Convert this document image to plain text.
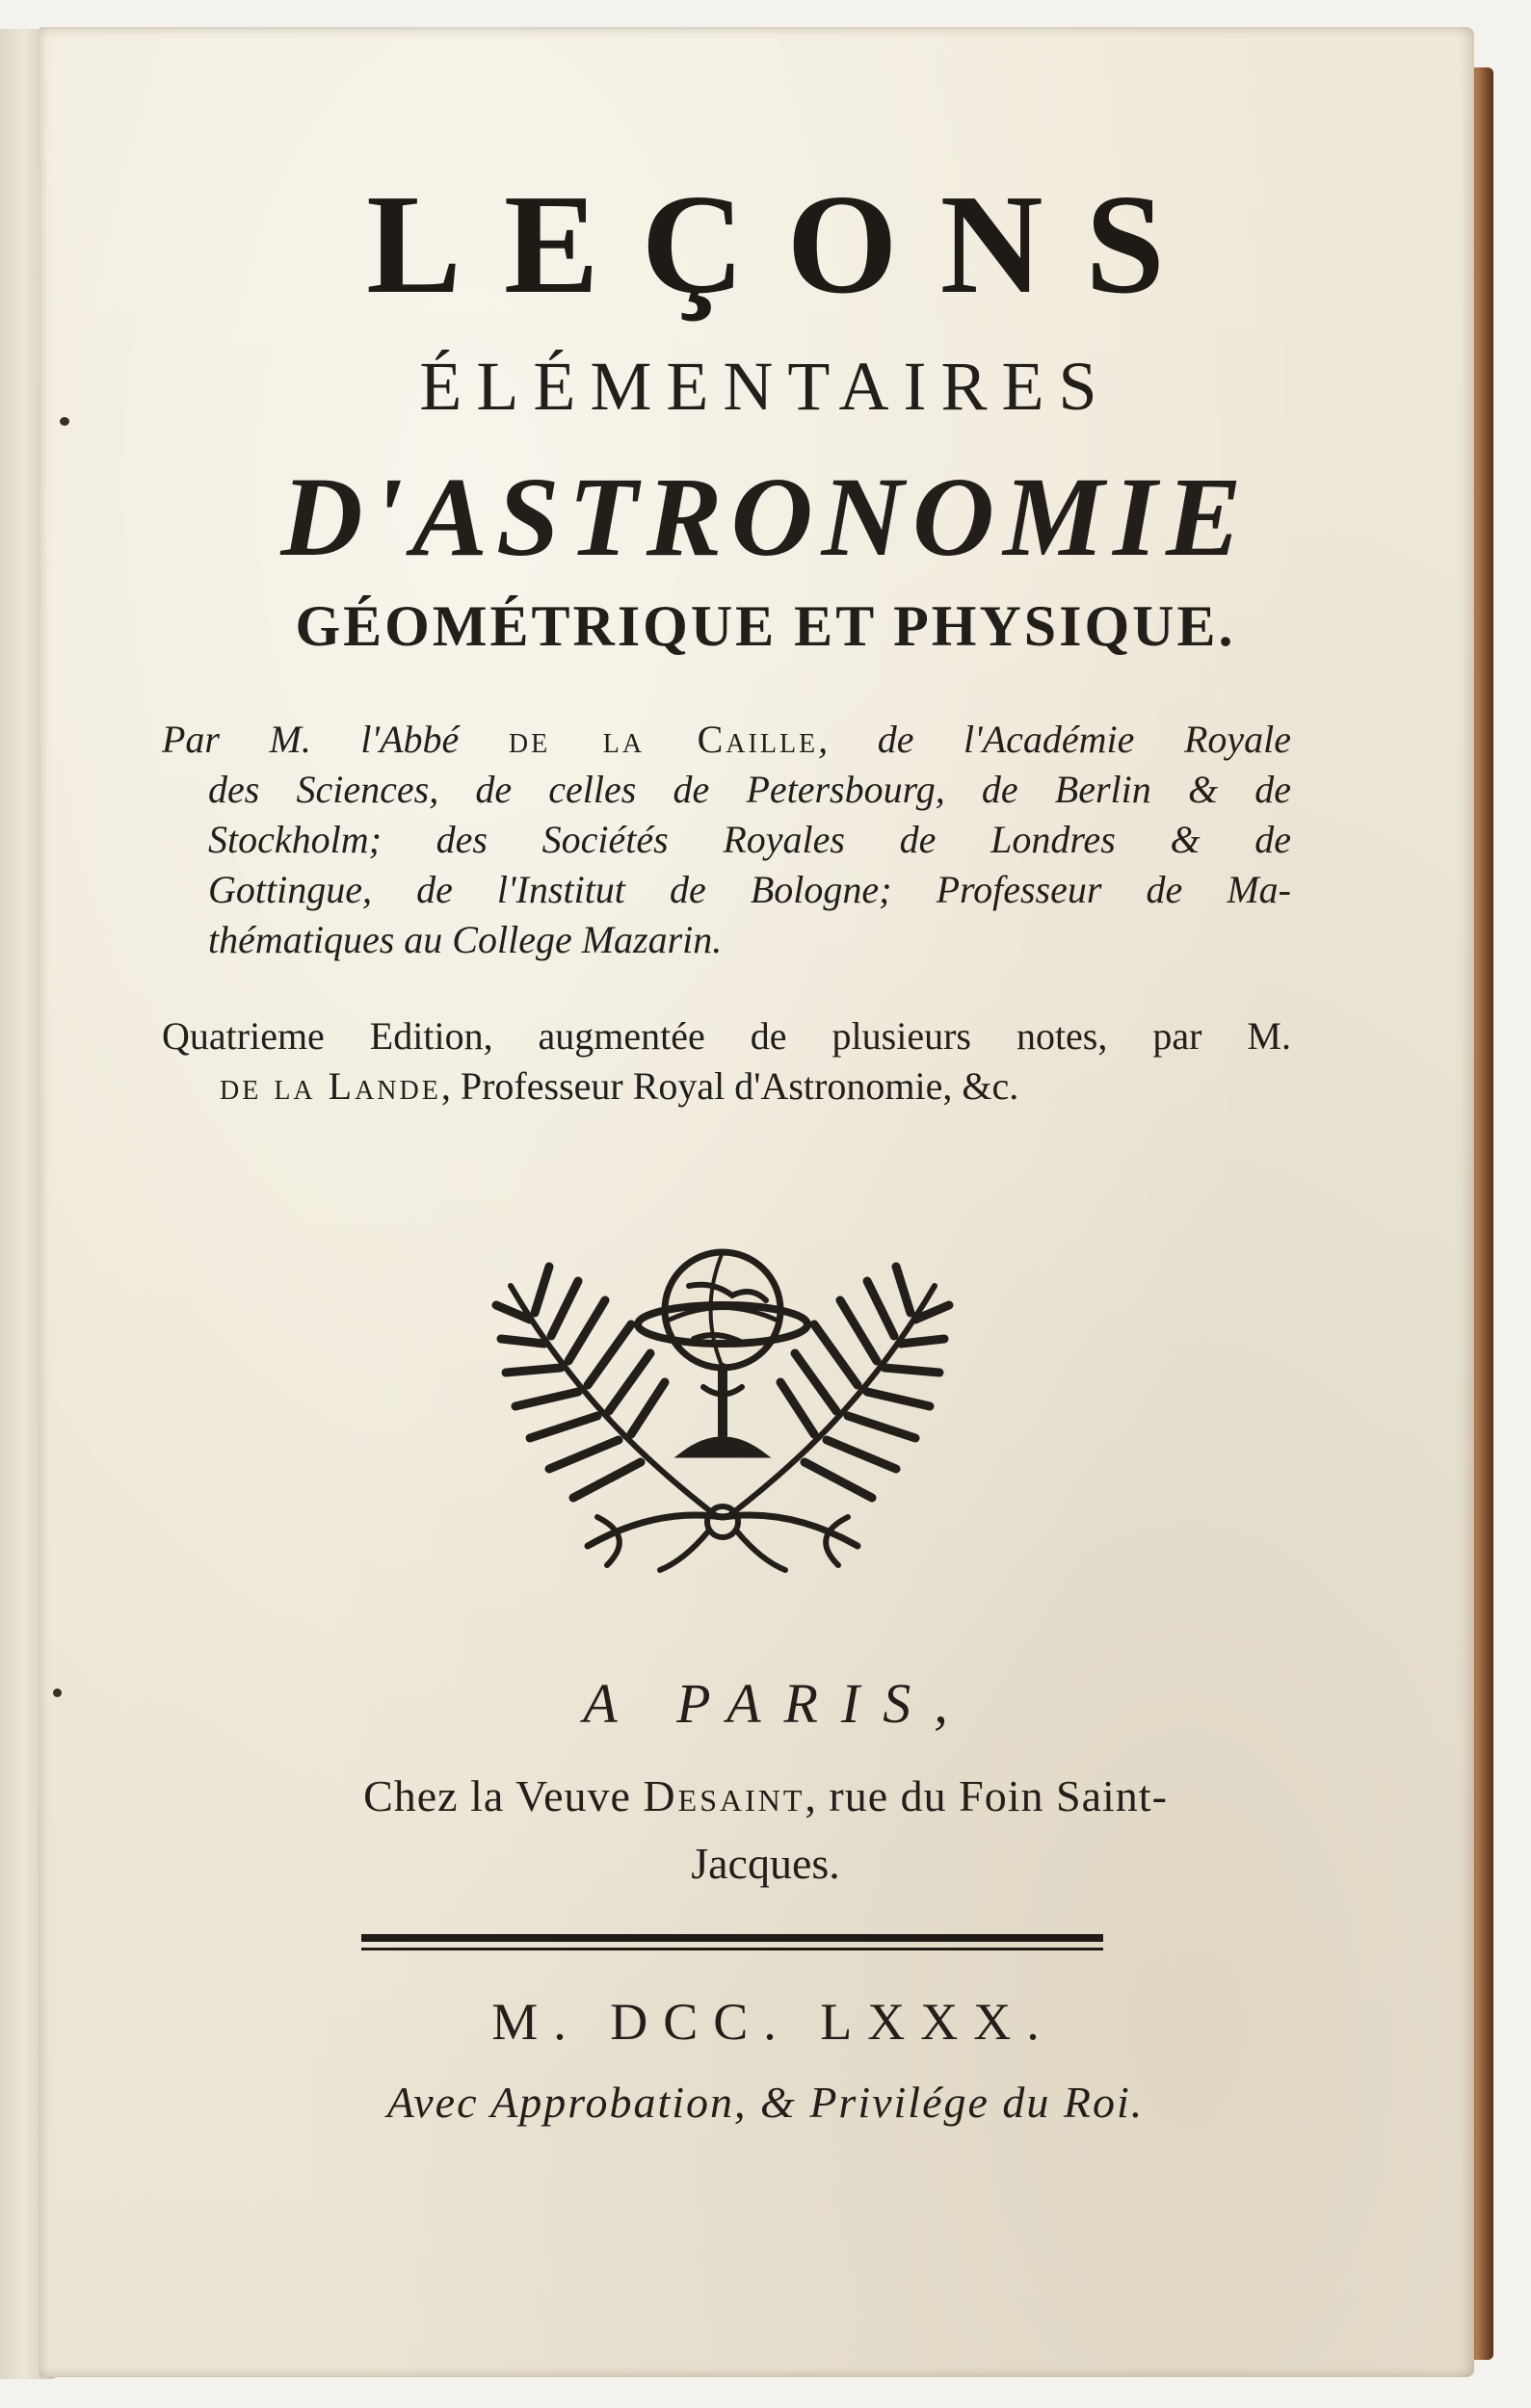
LEÇONS
ÉLÉMENTAIRES
D'ASTRONOMIE
GÉOMÉTRIQUE ET PHYSIQUE.
Par M. l'Abbé de la Caille, de l'Académie Royale
des Sciences, de celles de Petersbourg, de Berlin & de
Stockholm; des Sociétés Royales de Londres & de
Gottingue, de l'Institut de Bologne; Professeur de Ma-
thématiques au College Mazarin.
Quatrieme Edition, augmentée de plusieurs notes, par M.
de la Lande, Professeur Royal d'Astronomie, &c.
A PARIS,
Chez la Veuve Desaint, rue du Foin Saint-
Jacques.
M. DCC. LXXX.
Avec Approbation, & Privilége du Roi.
